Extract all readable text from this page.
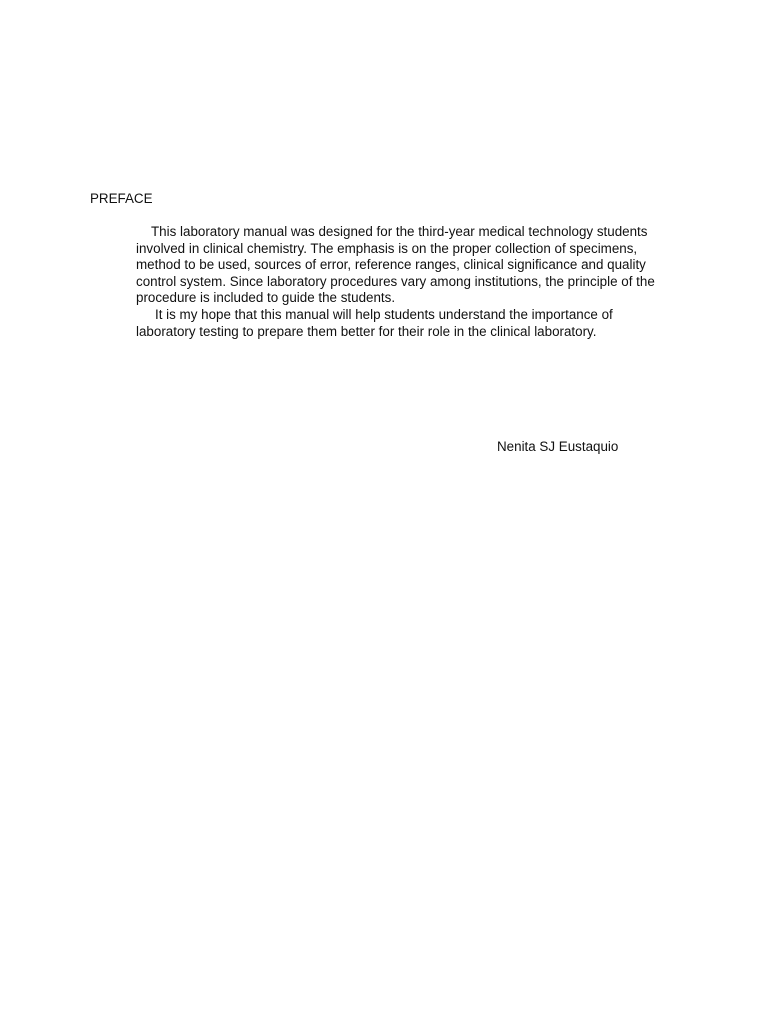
PREFACE
This laboratory manual was designed for the third-year medical technology students
involved in clinical chemistry. The emphasis is on the proper collection of specimens,
method to be used, sources of error, reference ranges, clinical significance and quality
control system. Since laboratory procedures vary among institutions, the principle of the
procedure is included to guide the students.
It is my hope that this manual will help students understand the importance of
laboratory testing to prepare them better for their role in the clinical laboratory.
Nenita SJ Eustaquio
